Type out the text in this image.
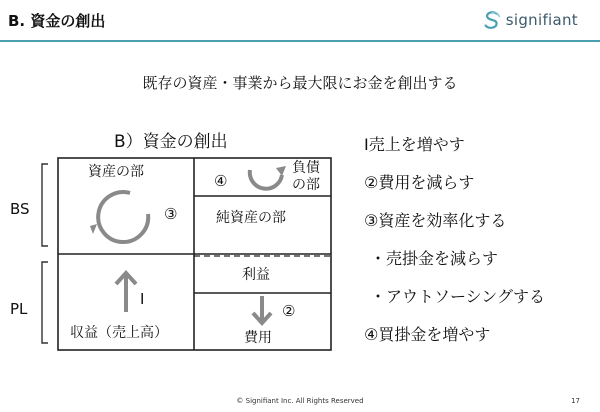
B. 資金の創出	signifiant
既存の資産・事業から最大限にお金を創出する
B）資金の創出
BS
PL
資産の部
③
④
負債
の部
純資産の部
利益
Ⅰ
収益（売上高）
②
費用
Ⅰ売上を増やす
②費用を減らす
③資産を効率化する
・売掛金を減らす
・アウトソーシングする
④買掛金を増やす
© Signifiant Inc. All Rights Reserved	17
